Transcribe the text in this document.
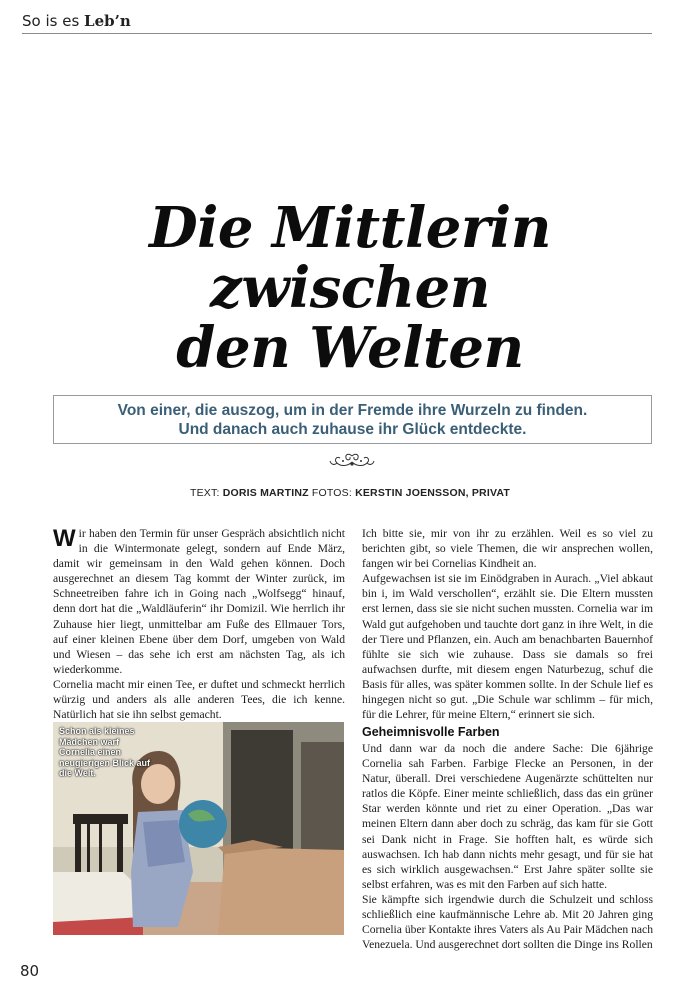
So is es Leb’n
Die Mittlerin
zwischen
den Welten
Von einer, die auszog, um in der Fremde ihre Wurzeln zu finden.
Und danach auch zuhause ihr Glück entdeckte.
TEXT: DORIS MARTINZ FOTOS: KERSTIN JOENSSON, PRIVAT

Wir haben den Termin für unser Gespräch absichtlich nicht in die Wintermonate gelegt, sondern auf Ende März, damit wir gemeinsam in den Wald gehen können. Doch ausgerechnet an diesem Tag kommt der Winter zurück, im Schneetreiben fahre ich in Going nach „Wolfsegg“ hinauf, denn dort hat die „Waldläuferin“ ihr Domizil. Wie herrlich ihr Zuhause hier liegt, unmittelbar am Fuße des Ellmauer Tors, auf einer kleinen Ebene über dem Dorf, umgeben von Wald und Wiesen – das sehe ich erst am nächsten Tag, als ich wiederkomme.

Cornelia macht mir einen Tee, er duftet und schmeckt herrlich würzig und anders als alle anderen Tees, die ich kenne. Natürlich hat sie ihn selbst gemacht.

Ich bitte sie, mir von ihr zu erzählen. Weil es so viel zu berichten gibt, so viele Themen, die wir ansprechen wollen, fangen wir bei Cornelias Kindheit an.

Aufgewachsen ist sie im Einödgraben in Aurach. „Viel abkaut bin i, im Wald verschollen“, erzählt sie. Die Eltern mussten erst lernen, dass sie sie nicht suchen mussten. Cornelia war im Wald gut aufgehoben und tauchte dort ganz in ihre Welt, in die der Tiere und Pflanzen, ein. Auch am benachbarten Bauernhof fühlte sie sich wie zuhause. Dass sie damals so frei aufwachsen durfte, mit diesem engen Naturbezug, schuf die Basis für alles, was später kommen sollte. In der Schule lief es hingegen nicht so gut. „Die Schule war schlimm – für mich, für die Lehrer, für meine Eltern,“ erinnert sie sich.

Geheimnisvolle Farben

Und dann war da noch die andere Sache: Die 6jährige Cornelia sah Farben. Farbige Flecke an Personen, in der Natur, überall. Drei verschiedene Augenärzte schüttelten nur ratlos die Köpfe. Einer meinte schließlich, dass das ein grüner Star werden könnte und riet zu einer Operation. „Das war meinen Eltern dann aber doch zu schräg, das kam für sie Gott sei Dank nicht in Frage. Sie hofften halt, es würde sich auswachsen. Ich hab dann nichts mehr gesagt, und für sie hat es sich wirklich ausgewachsen.“ Erst Jahre später sollte sie selbst erfahren, was es mit den Farben auf sich hatte.

Sie kämpfte sich irgendwie durch die Schulzeit und schloss schließlich eine kaufmännische Lehre ab. Mit 20 Jahren ging Cornelia über Kontakte ihres Vaters als Au Pair Mädchen nach Venezuela. Und ausgerechnet dort sollten die Dinge ins Rollen

Schon als kleines Mädchen warf Cornelia einen neugierigen Blick auf die Welt.
80
